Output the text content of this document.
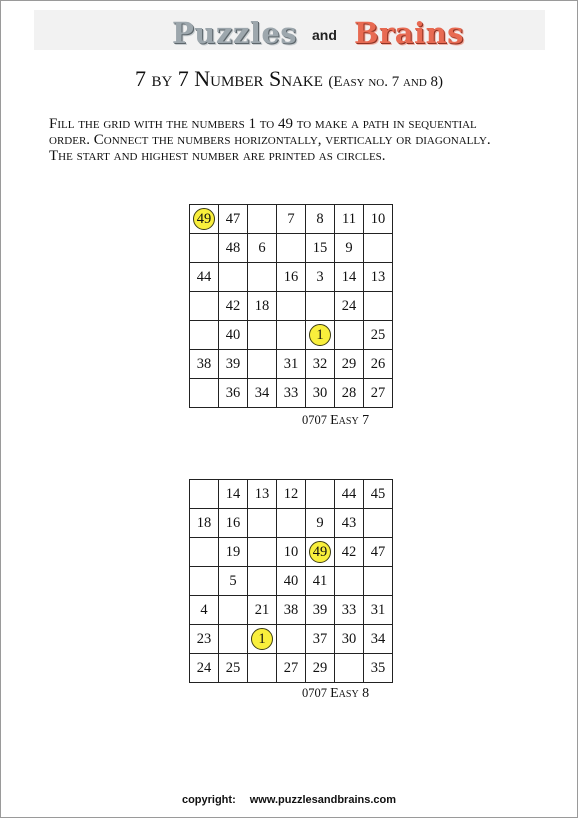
Puzzles and Brains
7 by 7 Number Snake (Easy no. 7 and 8)
Fill the grid with the numbers 1 to 49 to make a path in sequential
order. Connect the numbers horizontally, vertically or diagonally.
The start and highest number are printed as circles.
49	47		7	8	11	10
	48	6		15	9	
44			16	3	14	13
	42	18			24	
	40			1		25
38	39		31	32	29	26
	36	34	33	30	28	27
0707 Easy 7
	14	13	12		44	45
18	16			9	43	
	19		10	49	42	47
	5		40	41		
4		21	38	39	33	31
23		1		37	30	34
24	25		27	29		35
0707 Easy 8
copyright: www.puzzlesandbrains.com
